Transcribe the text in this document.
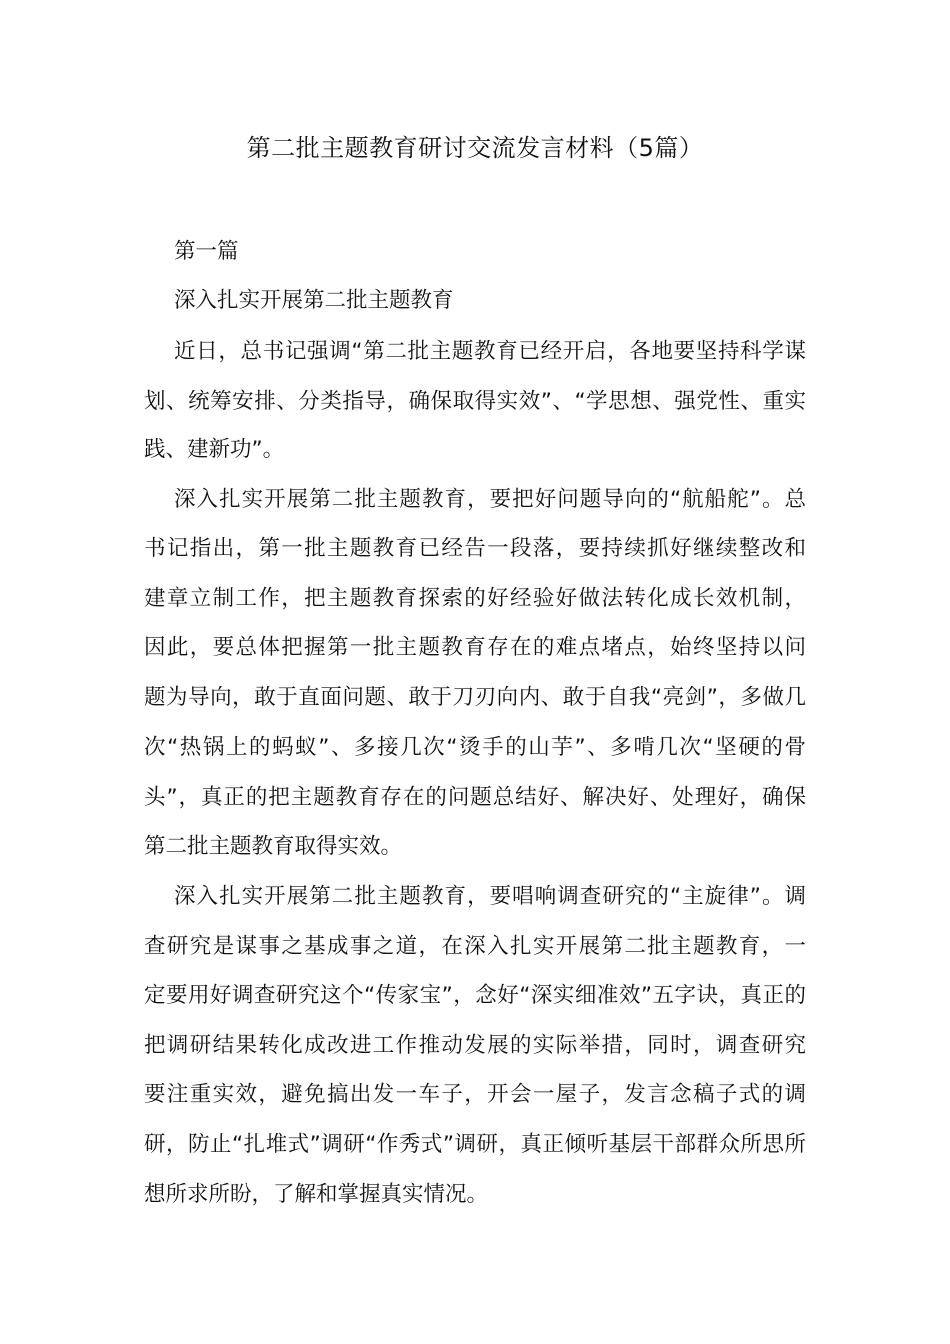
第二批主题教育研讨交流发言材料（5篇）

第一篇

深入扎实开展第二批主题教育

近日，总书记强调“第二批主题教育已经开启，各地要坚持科学谋

划、统筹安排、分类指导，确保取得实效”、“学思想、强党性、重实

践、建新功”。

深入扎实开展第二批主题教育，要把好问题导向的“航船舵”。总

书记指出，第一批主题教育已经告一段落，要持续抓好继续整改和

建章立制工作，把主题教育探索的好经验好做法转化成长效机制，

因此，要总体把握第一批主题教育存在的难点堵点，始终坚持以问

题为导向，敢于直面问题、敢于刀刃向内、敢于自我“亮剑”，多做几

次“热锅上的蚂蚁”、多接几次“烫手的山芋”、多啃几次“坚硬的骨

头”，真正的把主题教育存在的问题总结好、解决好、处理好，确保

第二批主题教育取得实效。

深入扎实开展第二批主题教育，要唱响调查研究的“主旋律”。调

查研究是谋事之基成事之道，在深入扎实开展第二批主题教育，一

定要用好调查研究这个“传家宝”，念好“深实细准效”五字诀，真正的

把调研结果转化成改进工作推动发展的实际举措，同时，调查研究

要注重实效，避免搞出发一车子，开会一屋子，发言念稿子式的调

研，防止“扎堆式”调研“作秀式”调研，真正倾听基层干部群众所思所

想所求所盼，了解和掌握真实情况。
